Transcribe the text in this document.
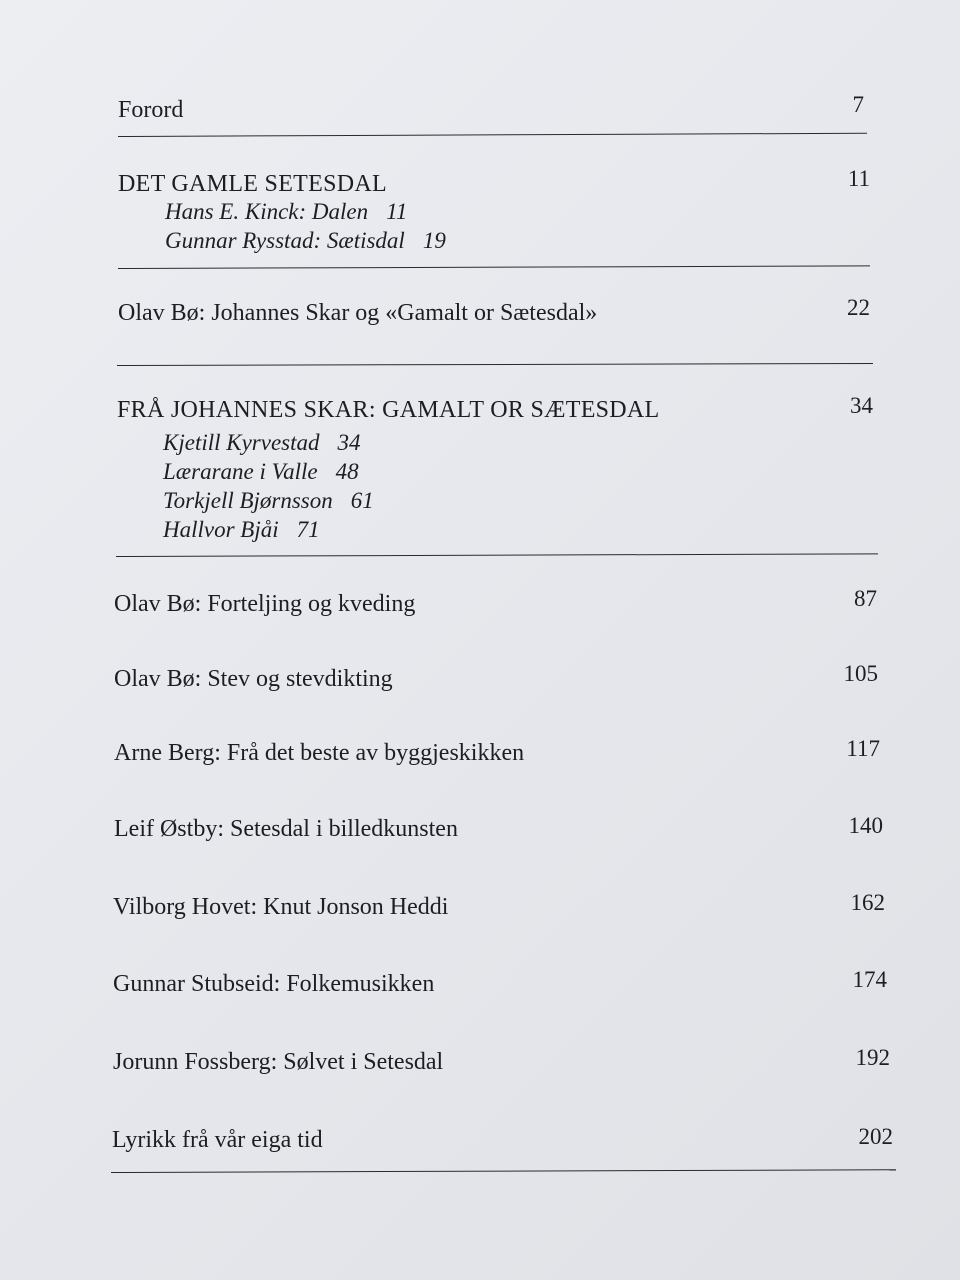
Forord	7
DET GAMLE SETESDAL	11
Hans E. Kinck: Dalen 11
Gunnar Rysstad: Sætisdal 19
Olav Bø: Johannes Skar og «Gamalt or Sætesdal»	22
FRÅ JOHANNES SKAR: GAMALT OR SÆTESDAL	34
Kjetill Kyrvestad 34
Lærarane i Valle 48
Torkjell Bjørnsson 61
Hallvor Bjåi 71
Olav Bø: Forteljing og kveding	87
Olav Bø: Stev og stevdikting	105
Arne Berg: Frå det beste av byggjeskikken	117
Leif Østby: Setesdal i billedkunsten	140
Vilborg Hovet: Knut Jonson Heddi	162
Gunnar Stubseid: Folkemusikken	174
Jorunn Fossberg: Sølvet i Setesdal	192
Lyrikk frå vår eiga tid	202
